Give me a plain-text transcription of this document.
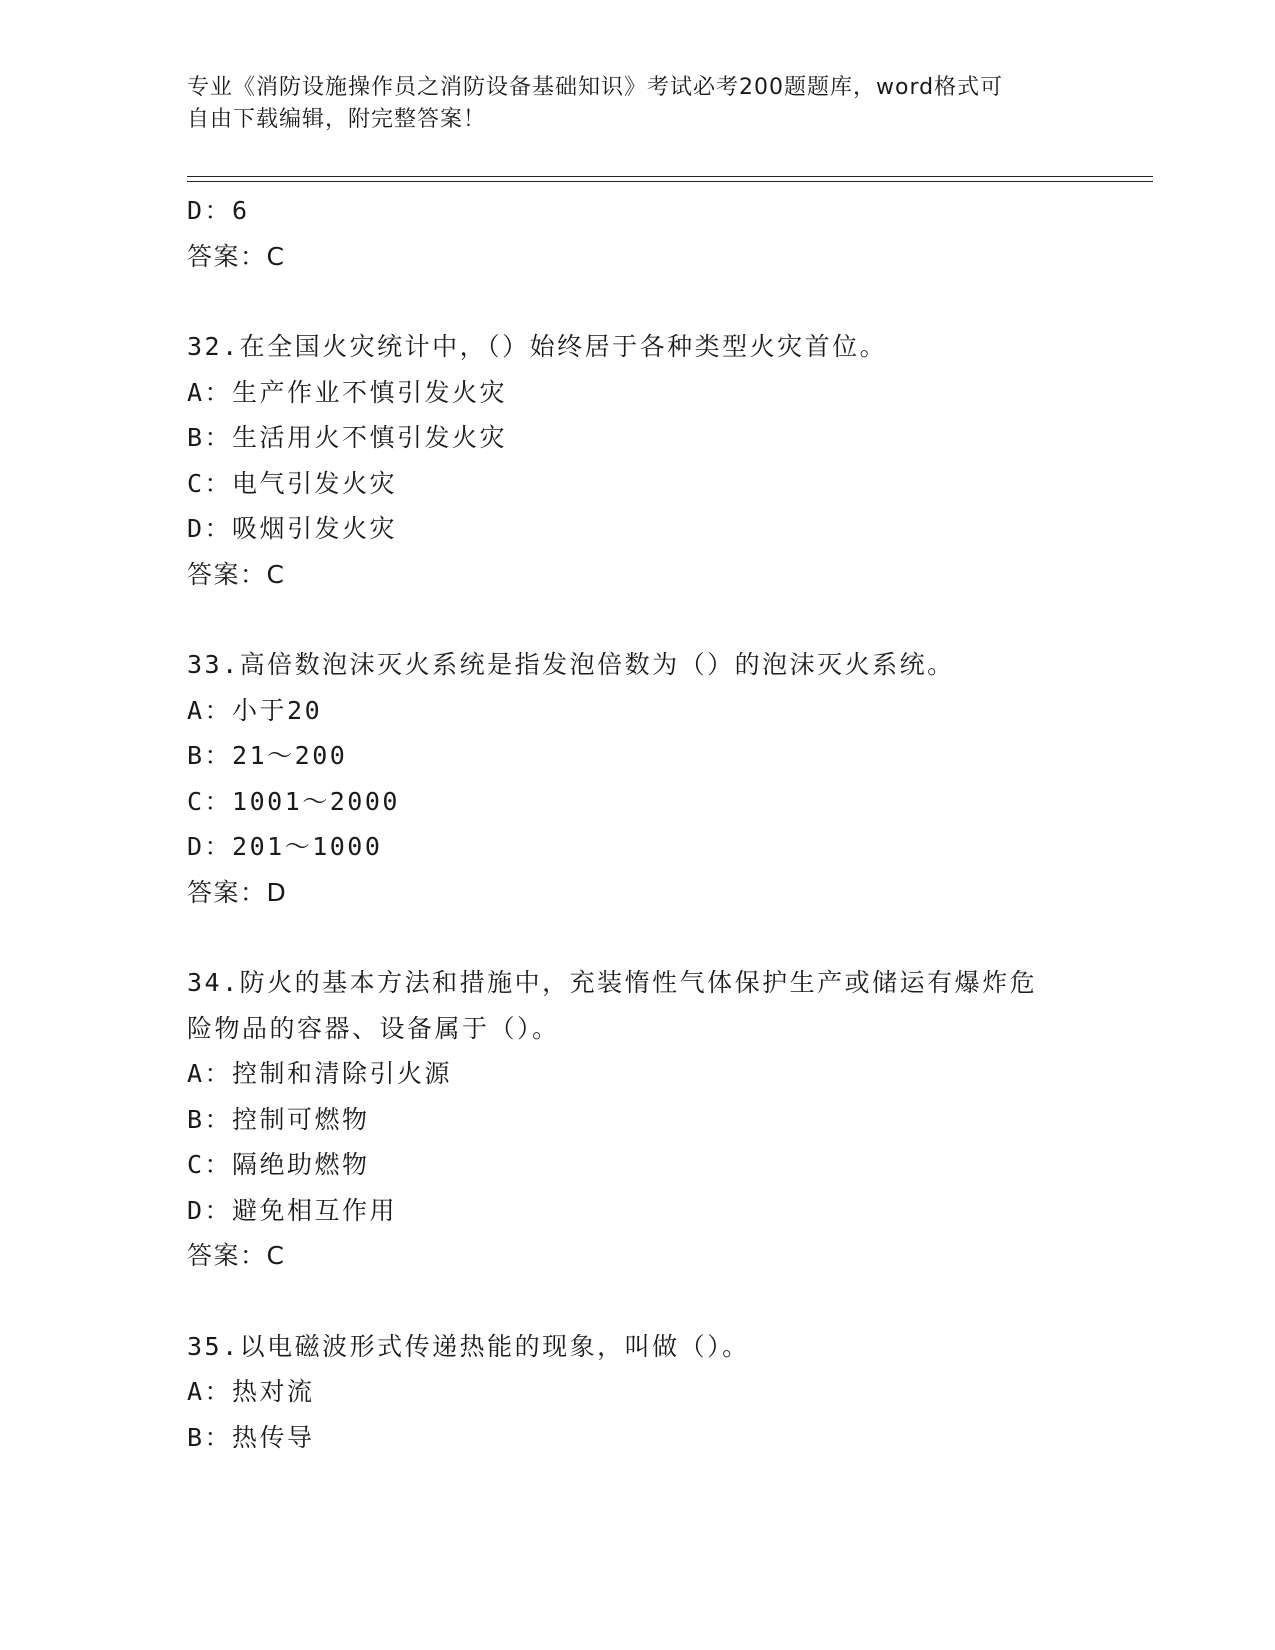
专业《消防设施操作员之消防设备基础知识》考试必考200题题库，word格式可
自由下载编辑，附完整答案！
D：6
答案：C
32.在全国火灾统计中，（）始终居于各种类型火灾首位。
A：生产作业不慎引发火灾
B：生活用火不慎引发火灾
C：电气引发火灾
D：吸烟引发火灾
答案：C
33.高倍数泡沫灭火系统是指发泡倍数为（）的泡沫灭火系统。
A：小于20
B：21～200
C：1001～2000
D：201～1000
答案：D
34.防火的基本方法和措施中，充装惰性气体保护生产或储运有爆炸危
险物品的容器、设备属于（）。
A：控制和清除引火源
B：控制可燃物
C：隔绝助燃物
D：避免相互作用
答案：C
35.以电磁波形式传递热能的现象，叫做（）。
A：热对流
B：热传导
